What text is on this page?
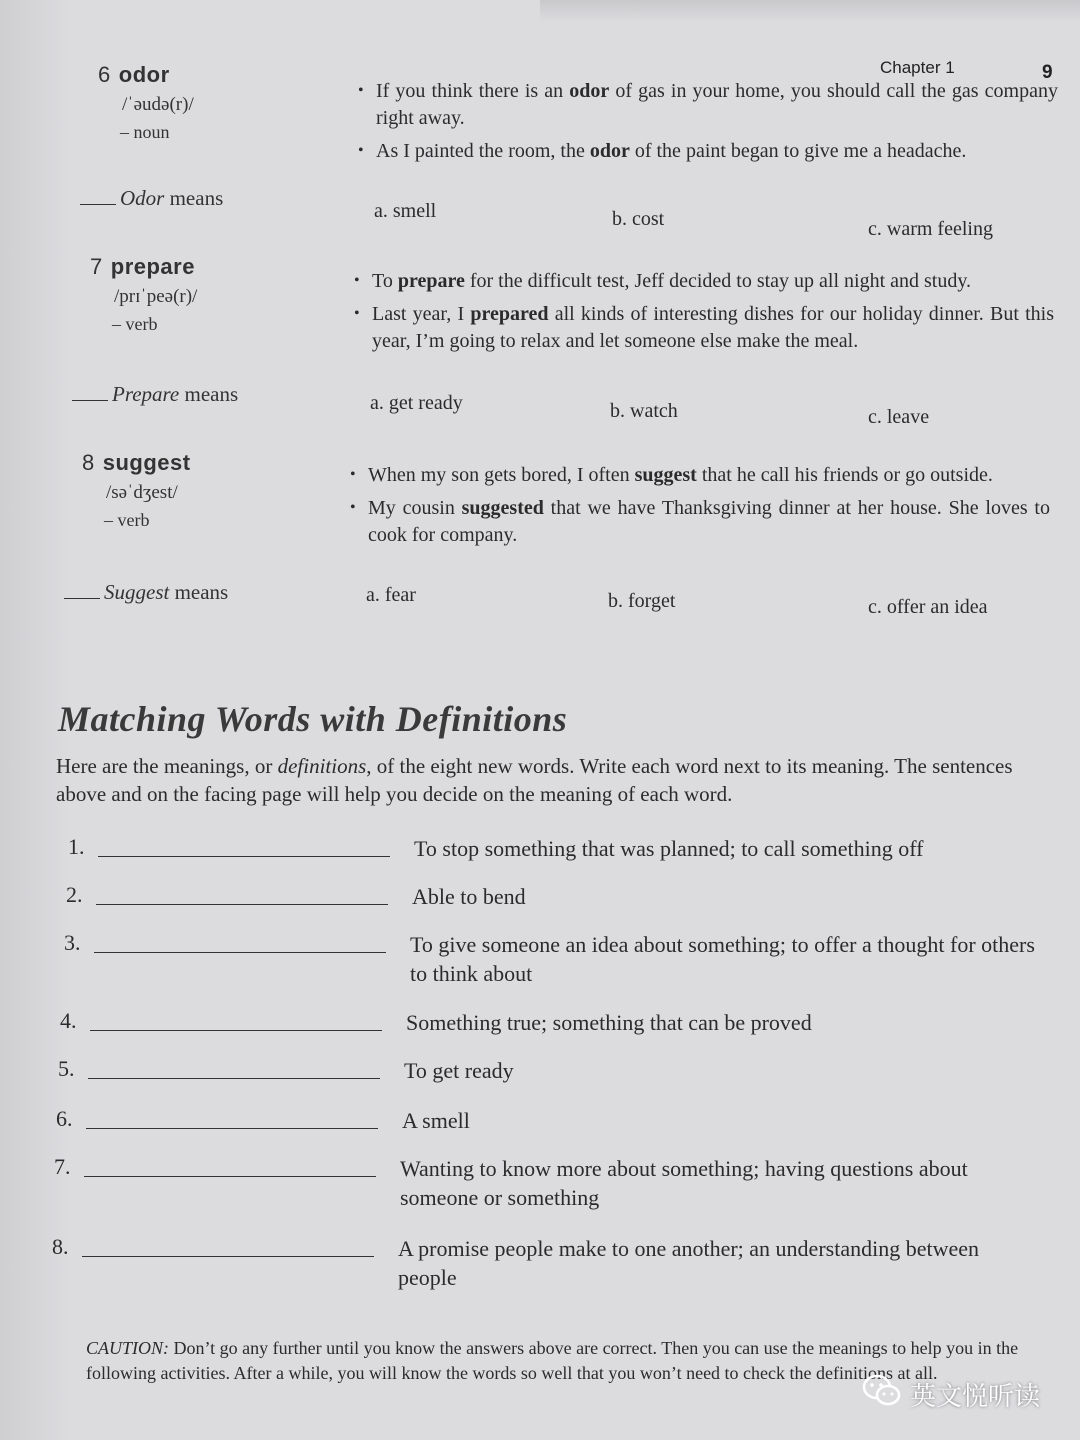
Chapter 1	9
6 odor
/ˈəudə(r)/
– noun
Odor means
• If you think there is an odor of gas in your home, you should call the gas company right away.
• As I painted the room, the odor of the paint began to give me a headache.
a. smell	b. cost	c. warm feeling
7 prepare
/prɪˈpeə(r)/
– verb
Prepare means
• To prepare for the difficult test, Jeff decided to stay up all night and study.
• Last year, I prepared all kinds of interesting dishes for our holiday dinner. But this year, I’m going to relax and let someone else make the meal.
a. get ready	b. watch	c. leave
8 suggest
/səˈdʒest/
– verb
Suggest means
• When my son gets bored, I often suggest that he call his friends or go outside.
• My cousin suggested that we have Thanksgiving dinner at her house. She loves to cook for company.
a. fear	b. forget	c. offer an idea
Matching Words with Definitions
Here are the meanings, or definitions, of the eight new words. Write each word next to its meaning. The sentences above and on the facing page will help you decide on the meaning of each word.
1.	To stop something that was planned; to call something off
2.	Able to bend
3.	To give someone an idea about something; to offer a thought for others to think about
4.	Something true; something that can be proved
5.	To get ready
6.	A smell
7.	Wanting to know more about something; having questions about someone or something
8.	A promise people make to one another; an understanding between people
CAUTION: Don’t go any further until you know the answers above are correct. Then you can use the meanings to help you in the following activities. After a while, you will know the words so well that you won’t need to check the definitions at all.
英文悦听读
